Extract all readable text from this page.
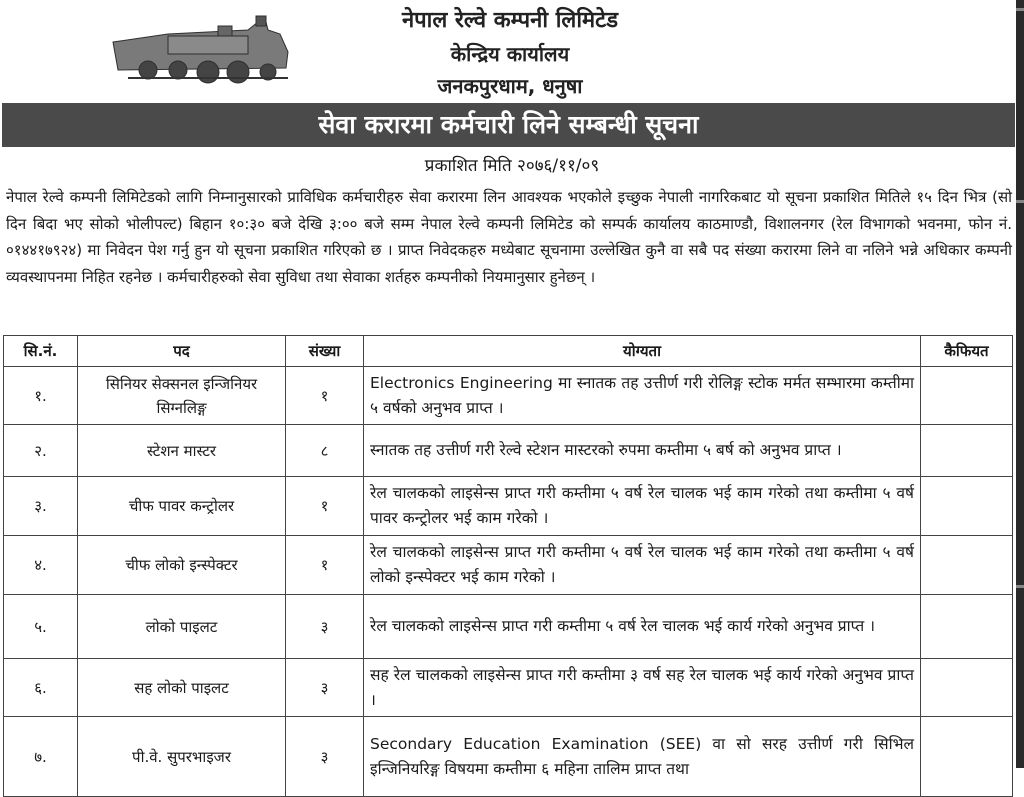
नेपाल रेल्वे कम्पनी लिमिटेड
केन्द्रिय कार्यालय
जनकपुरधाम, धनुषा
सेवा करारमा कर्मचारी लिने सम्बन्धी सूचना
प्रकाशित मिति २०७६/११/०९
नेपाल रेल्वे कम्पनी लिमिटेडको लागि निम्नानुसारको प्राविधिक कर्मचारीहरु सेवा करारमा लिन आवश्यक भएकोले इच्छुक नेपाली नागरिकबाट यो सूचना प्रकाशित मितिले १५ दिन भित्र (सो दिन बिदा भए सोको भोलीपल्ट) बिहान १०:३० बजे देखि ३:०० बजे सम्म नेपाल रेल्वे कम्पनी लिमिटेड को सम्पर्क कार्यालय काठमाण्डौ, विशालनगर (रेल विभागको भवनमा, फोन नं. ०१४४१७९२४) मा निवेदन पेश गर्नु हुन यो सूचना प्रकाशित गरिएको छ । प्राप्त निवेदकहरु मध्येबाट सूचनामा उल्लेखित कुनै वा सबै पद संख्या करारमा लिने वा नलिने भन्ने अधिकार कम्पनी व्यवस्थापनमा निहित रहनेछ । कर्मचारीहरुको सेवा सुविधा तथा सेवाका शर्तहरु कम्पनीको नियमानुसार हुनेछन् ।
सि.नं.	पद	संख्या	योग्यता	कैफियत
१.	सिनियर सेक्सनल इन्जिनियर सिग्नलिङ्ग	१	Electronics Engineering मा स्नातक तह उत्तीर्ण गरी रोलिङ्ग स्टोक मर्मत सम्भारमा कम्तीमा ५ वर्षको अनुभव प्राप्त ।	
२.	स्टेशन मास्टर	८	स्नातक तह उत्तीर्ण गरी रेल्वे स्टेशन मास्टरको रुपमा कम्तीमा ५ बर्ष को अनुभव प्राप्त ।	
३.	चीफ पावर कन्ट्रोलर	१	रेल चालकको लाइसेन्स प्राप्त गरी कम्तीमा ५ वर्ष रेल चालक भई काम गरेको तथा कम्तीमा ५ वर्ष पावर कन्ट्रोलर भई काम गरेको ।	
४.	चीफ लोको इन्स्पेक्टर	१	रेल चालकको लाइसेन्स प्राप्त गरी कम्तीमा ५ वर्ष रेल चालक भई काम गरेको तथा कम्तीमा ५ वर्ष लोको इन्स्पेक्टर भई काम गरेको ।	
५.	लोको पाइलट	३	रेल चालकको लाइसेन्स प्राप्त गरी कम्तीमा ५ वर्ष रेल चालक भई कार्य गरेको अनुभव प्राप्त ।	
६.	सह लोको पाइलट	३	सह रेल चालकको लाइसेन्स प्राप्त गरी कम्तीमा ३ वर्ष सह रेल चालक भई कार्य गरेको अनुभव प्राप्त ।	
७.	पी.वे. सुपरभाइजर	३	Secondary Education Examination (SEE) वा सो सरह उत्तीर्ण गरी सिभिल इन्जिनियरिङ्ग विषयमा कम्तीमा ६ महिना तालिम प्राप्त तथा	
